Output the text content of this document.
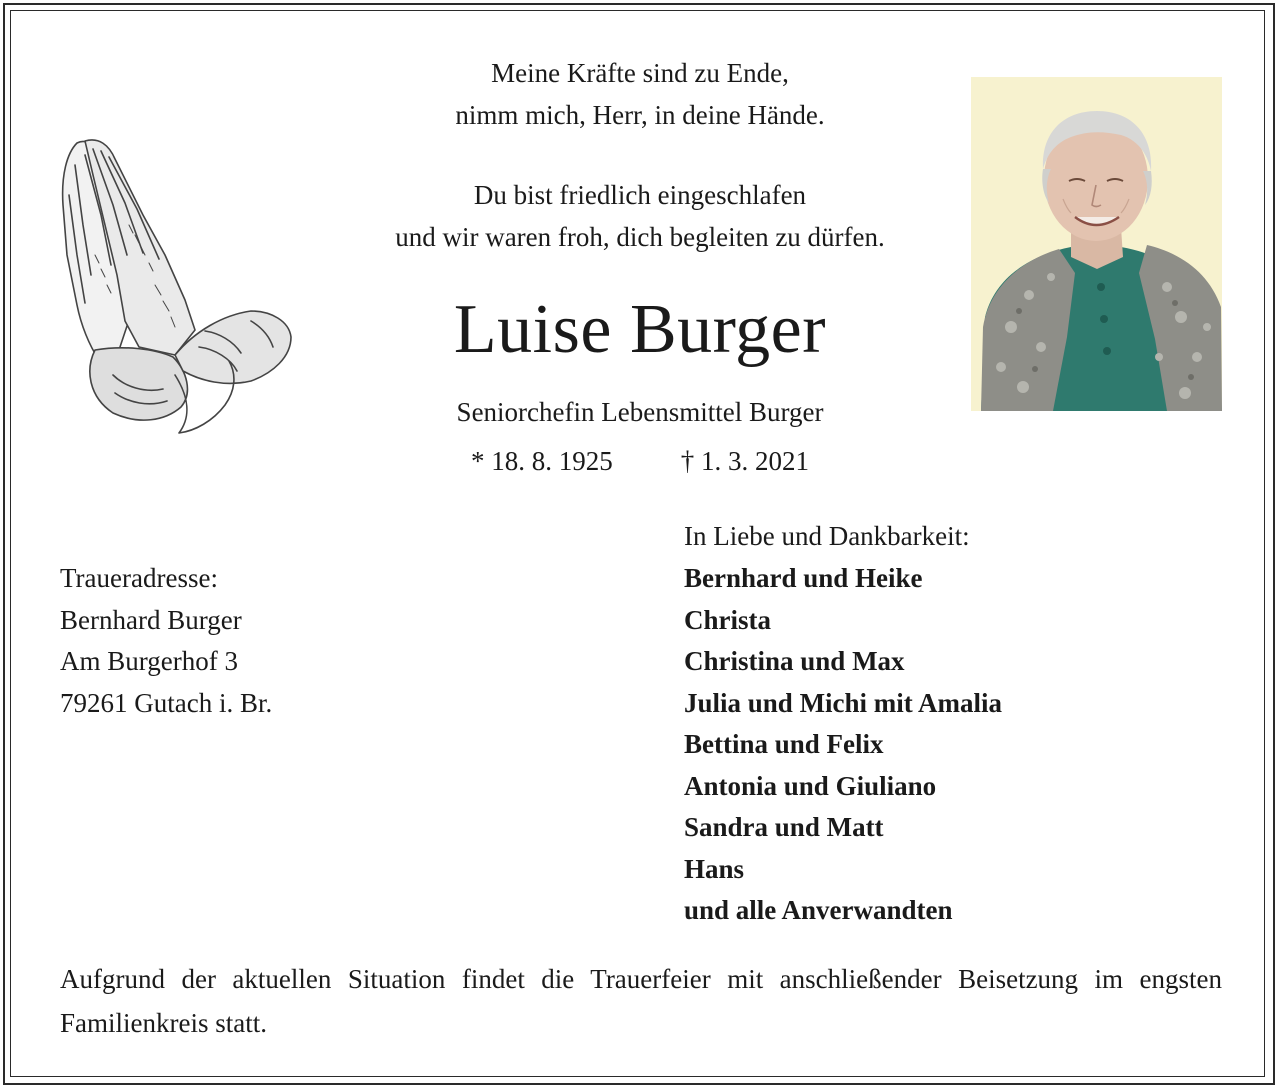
Meine Kräfte sind zu Ende,
nimm mich, Herr, in deine Hände.
Du bist friedlich eingeschlafen
und wir waren froh, dich begleiten zu dürfen.
Luise Burger
Seniorchefin Lebensmittel Burger
* 18. 8. 1925	† 1. 3. 2021
Traueradresse:
Bernhard Burger
Am Burgerhof 3
79261 Gutach i. Br.
In Liebe und Dankbarkeit:
Bernhard und Heike
Christa
Christina und Max
Julia und Michi mit Amalia
Bettina und Felix
Antonia und Giuliano
Sandra und Matt
Hans
und alle Anverwandten
Aufgrund der aktuellen Situation findet die Trauerfeier mit anschließender Beisetzung im engsten Familienkreis statt.
